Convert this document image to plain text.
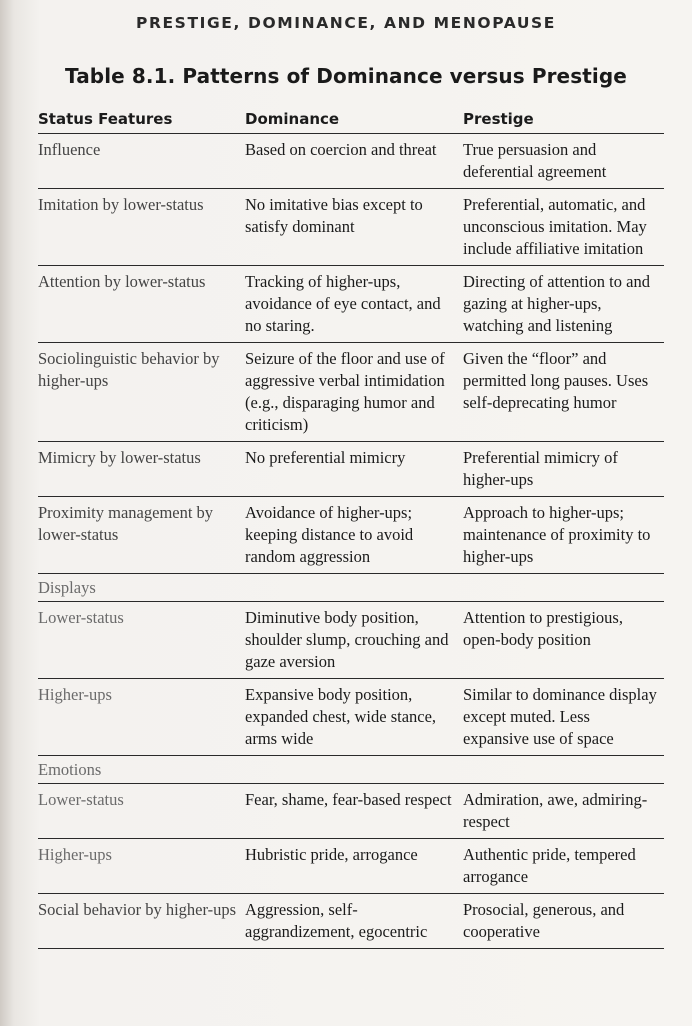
PRESTIGE, DOMINANCE, AND MENOPAUSE
Table 8.1. Patterns of Dominance versus Prestige
Status Features	Dominance	Prestige
Influence	Based on coercion and threat	True persuasion and deferential agreement
Imitation by lower-status	No imitative bias except to satisfy dominant	Preferential, automatic, and unconscious imitation. May include affiliative imitation
Attention by lower-status	Tracking of higher-ups, avoidance of eye contact, and no staring.	Directing of attention to and gazing at higher-ups, watching and listening
Sociolinguistic behavior by higher-ups	Seizure of the floor and use of aggressive verbal intimidation (e.g., disparaging humor and criticism)	Given the “floor” and permitted long pauses. Uses self-deprecating humor
Mimicry by lower-status	No preferential mimicry	Preferential mimicry of higher-ups
Proximity management by lower-status	Avoidance of higher-ups; keeping distance to avoid random aggression	Approach to higher-ups; maintenance of proximity to higher-ups
Displays		
Lower-status	Diminutive body position, shoulder slump, crouching and gaze aversion	Attention to prestigious, open-body position
Higher-ups	Expansive body position, expanded chest, wide stance, arms wide	Similar to dominance display except muted. Less expansive use of space
Emotions		
Lower-status	Fear, shame, fear-based respect	Admiration, awe, admiring-respect
Higher-ups	Hubristic pride, arrogance	Authentic pride, tempered arrogance
Social behavior by higher-ups	Aggression, self-aggrandizement, egocentric	Prosocial, generous, and cooperative
